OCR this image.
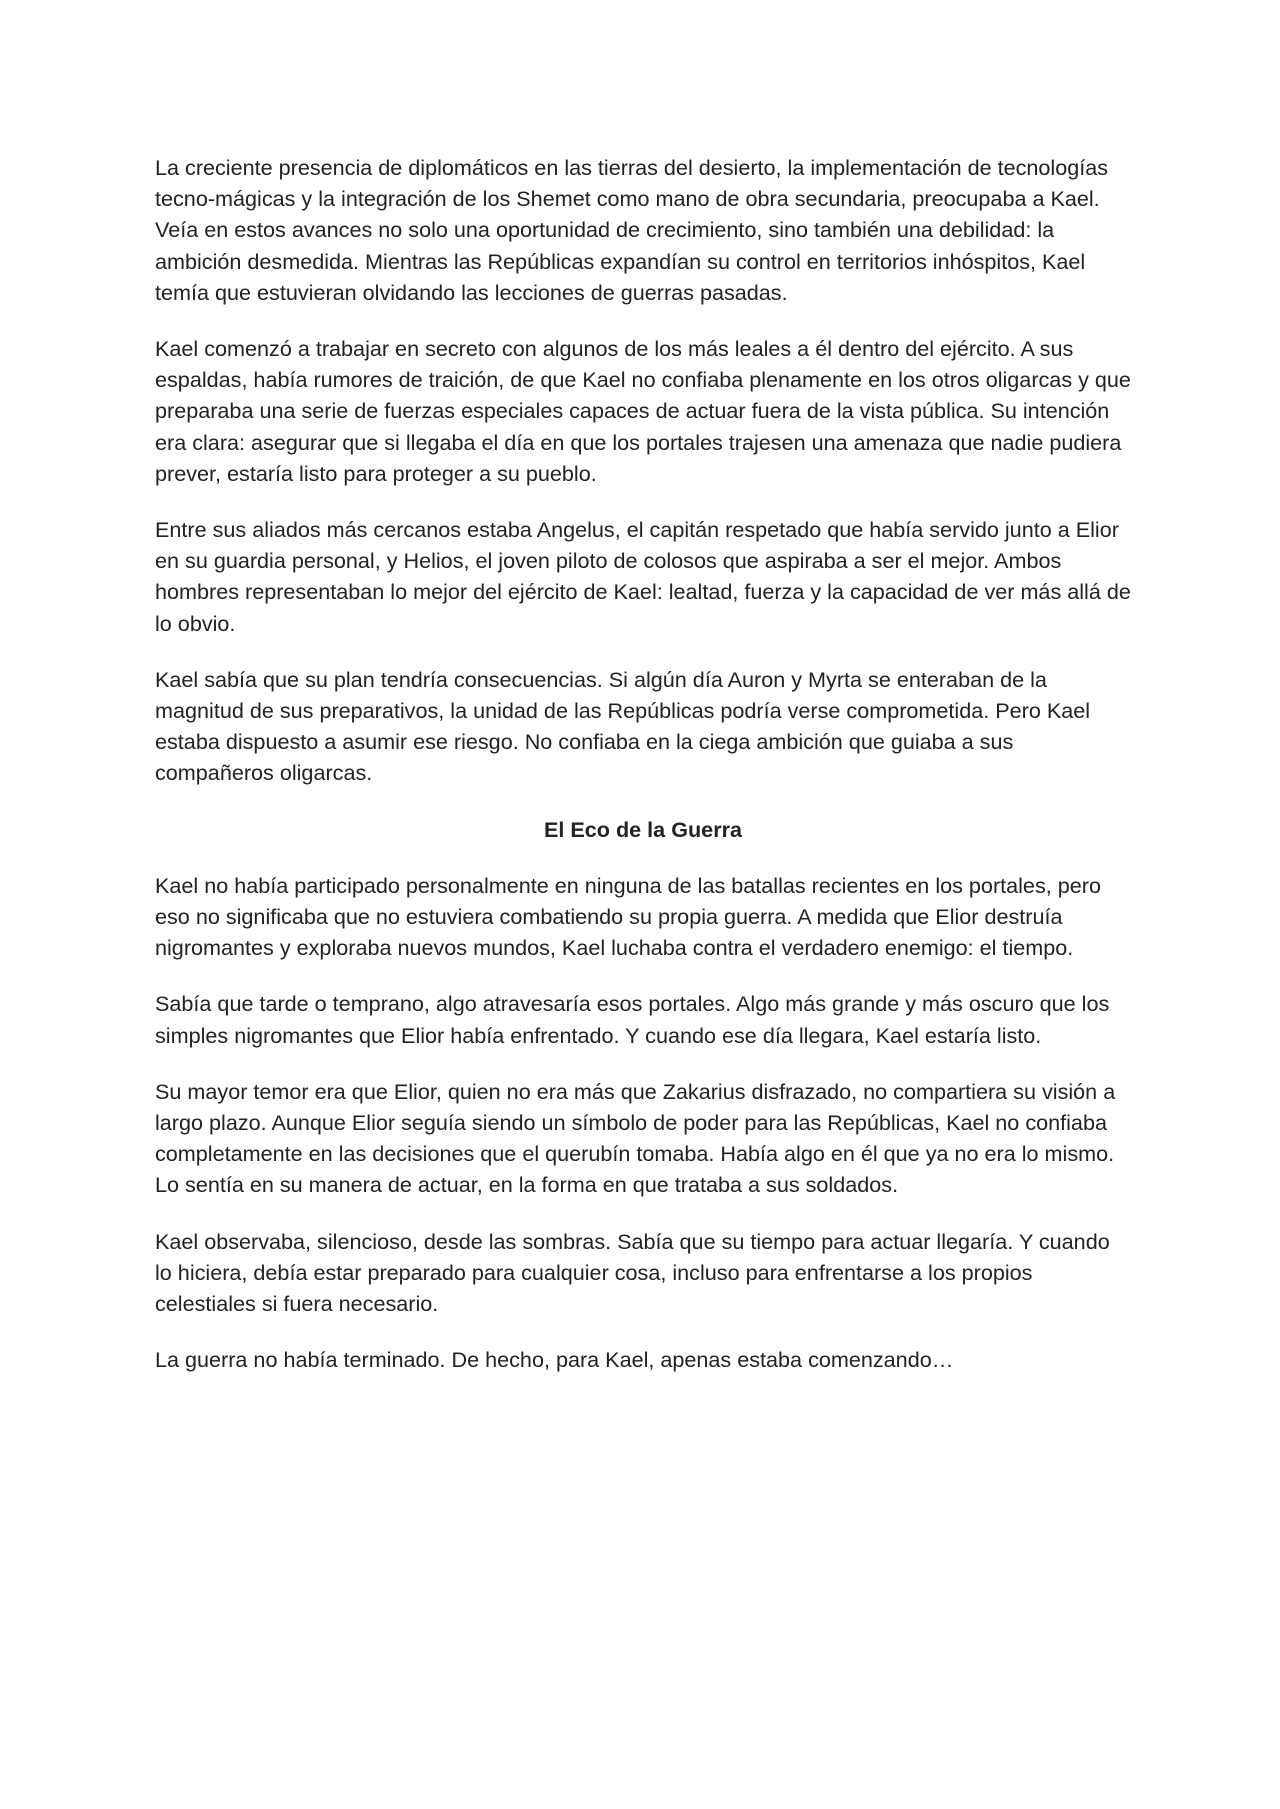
La creciente presencia de diplomáticos en las tierras del desierto, la implementación de tecnologías tecno-mágicas y la integración de los Shemet como mano de obra secundaria, preocupaba a Kael. Veía en estos avances no solo una oportunidad de crecimiento, sino también una debilidad: la ambición desmedida. Mientras las Repúblicas expandían su control en territorios inhóspitos, Kael temía que estuvieran olvidando las lecciones de guerras pasadas.

Kael comenzó a trabajar en secreto con algunos de los más leales a él dentro del ejército. A sus espaldas, había rumores de traición, de que Kael no confiaba plenamente en los otros oligarcas y que preparaba una serie de fuerzas especiales capaces de actuar fuera de la vista pública. Su intención era clara: asegurar que si llegaba el día en que los portales trajesen una amenaza que nadie pudiera prever, estaría listo para proteger a su pueblo.

Entre sus aliados más cercanos estaba Angelus, el capitán respetado que había servido junto a Elior en su guardia personal, y Helios, el joven piloto de colosos que aspiraba a ser el mejor. Ambos hombres representaban lo mejor del ejército de Kael: lealtad, fuerza y la capacidad de ver más allá de lo obvio.

Kael sabía que su plan tendría consecuencias. Si algún día Auron y Myrta se enteraban de la magnitud de sus preparativos, la unidad de las Repúblicas podría verse comprometida. Pero Kael estaba dispuesto a asumir ese riesgo. No confiaba en la ciega ambición que guiaba a sus compañeros oligarcas.

El Eco de la Guerra

Kael no había participado personalmente en ninguna de las batallas recientes en los portales, pero eso no significaba que no estuviera combatiendo su propia guerra. A medida que Elior destruía nigromantes y exploraba nuevos mundos, Kael luchaba contra el verdadero enemigo: el tiempo.

Sabía que tarde o temprano, algo atravesaría esos portales. Algo más grande y más oscuro que los simples nigromantes que Elior había enfrentado. Y cuando ese día llegara, Kael estaría listo.

Su mayor temor era que Elior, quien no era más que Zakarius disfrazado, no compartiera su visión a largo plazo. Aunque Elior seguía siendo un símbolo de poder para las Repúblicas, Kael no confiaba completamente en las decisiones que el querubín tomaba. Había algo en él que ya no era lo mismo. Lo sentía en su manera de actuar, en la forma en que trataba a sus soldados.

Kael observaba, silencioso, desde las sombras. Sabía que su tiempo para actuar llegaría. Y cuando lo hiciera, debía estar preparado para cualquier cosa, incluso para enfrentarse a los propios celestiales si fuera necesario.

La guerra no había terminado. De hecho, para Kael, apenas estaba comenzando…
